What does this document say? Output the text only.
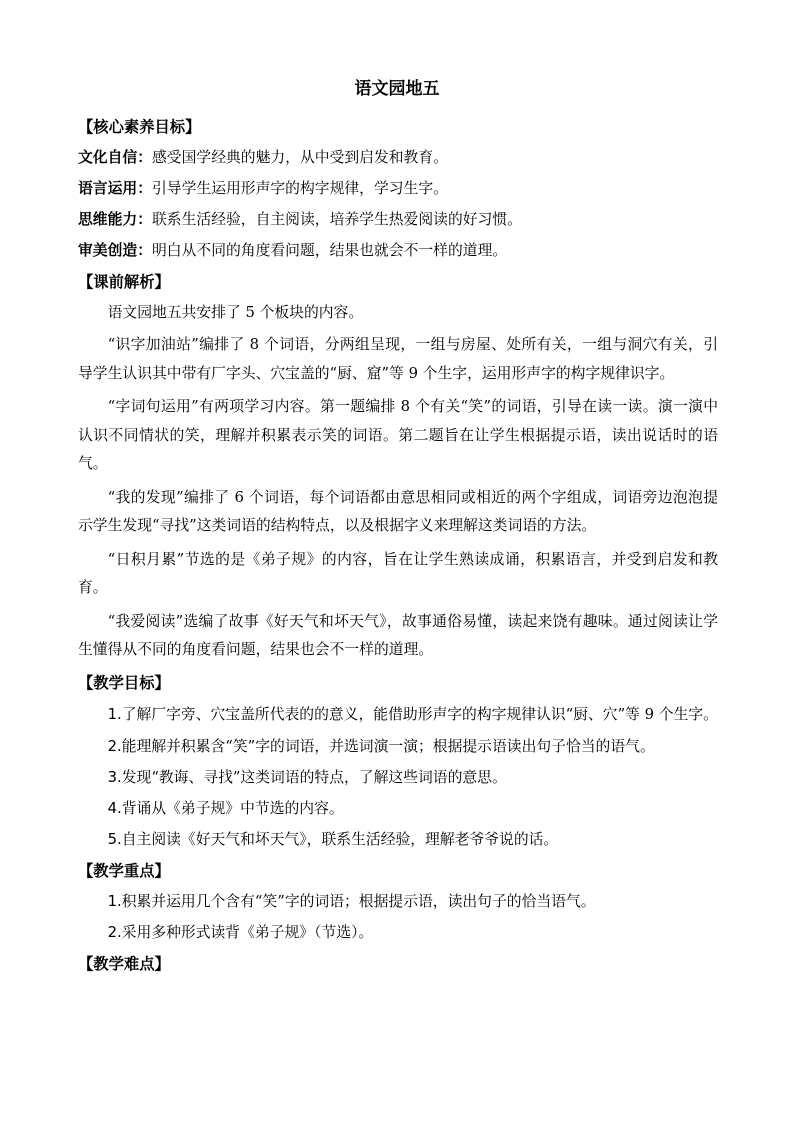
语文园地五
【核心素养目标】
文化自信：感受国学经典的魅力，从中受到启发和教育。
语言运用：引导学生运用形声字的构字规律，学习生字。
思维能力：联系生活经验，自主阅读，培养学生热爱阅读的好习惯。
审美创造：明白从不同的角度看问题，结果也就会不一样的道理。
【课前解析】

语文园地五共安排了 5 个板块的内容。

“识字加油站”编排了 8 个词语，分两组呈现，一组与房屋、处所有关，一组与洞穴有关，引导学生认识其中带有厂字头、穴宝盖的“厨、窟”等 9 个生字，运用形声字的构字规律识字。

“字词句运用”有两项学习内容。第一题编排 8 个有关“笑”的词语，引导在读一读。演一演中认识不同情状的笑，理解并积累表示笑的词语。第二题旨在让学生根据提示语，读出说话时的语气。

“我的发现”编排了 6 个词语，每个词语都由意思相同或相近的两个字组成，词语旁边泡泡提示学生发现“寻找”这类词语的结构特点，以及根据字义来理解这类词语的方法。

“日积月累”节选的是《弟子规》的内容，旨在让学生熟读成诵，积累语言，并受到启发和教育。

“我爱阅读”选编了故事《好天气和坏天气》，故事通俗易懂，读起来饶有趣味。通过阅读让学生懂得从不同的角度看问题，结果也会不一样的道理。

【教学目标】

1.了解厂字旁、穴宝盖所代表的的意义，能借助形声字的构字规律认识“厨、穴”等 9 个生字。

2.能理解并积累含“笑”字的词语，并选词演一演；根据提示语读出句子恰当的语气。

3.发现“教诲、寻找”这类词语的特点，了解这些词语的意思。

4.背诵从《弟子规》中节选的内容。

5.自主阅读《好天气和坏天气》，联系生活经验，理解老爷爷说的话。

【教学重点】

1.积累并运用几个含有“笑”字的词语；根据提示语，读出句子的恰当语气。

2.采用多种形式读背《弟子规》（节选）。

【教学难点】
